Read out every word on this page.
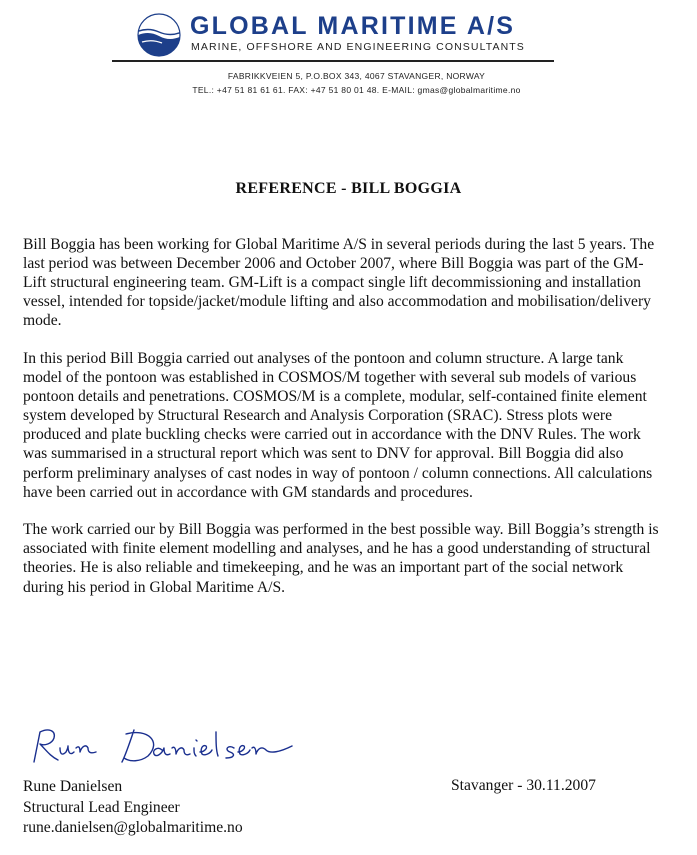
GLOBAL MARITIME A/S
MARINE, OFFSHORE AND ENGINEERING CONSULTANTS
FABRIKKVEIEN 5, P.O.BOX 343, 4067 STAVANGER, NORWAY
TEL.: +47 51 81 61 61. FAX: +47 51 80 01 48. E-MAIL: gmas@globalmaritime.no
REFERENCE - BILL BOGGIA

Bill Boggia has been working for Global Maritime A/S in several periods during the last 5 years. The last period was between December 2006 and October 2007, where Bill Boggia was part of the GM-Lift structural engineering team. GM-Lift is a compact single lift decommissioning and installation vessel, intended for topside/jacket/module lifting and also accommodation and mobilisation/delivery mode.

In this period Bill Boggia carried out analyses of the pontoon and column structure. A large tank model of the pontoon was established in COSMOS/M together with several sub models of various pontoon details and penetrations. COSMOS/M is a complete, modular, self-contained finite element system developed by Structural Research and Analysis Corporation (SRAC). Stress plots were produced and plate buckling checks were carried out in accordance with the DNV Rules. The work was summarised in a structural report which was sent to DNV for approval. Bill Boggia did also perform preliminary analyses of cast nodes in way of pontoon / column connections. All calculations have been carried out in accordance with GM standards and procedures.

The work carried our by Bill Boggia was performed in the best possible way. Bill Boggia’s strength is associated with finite element modelling and analyses, and he has a good understanding of structural theories. He is also reliable and timekeeping, and he was an important part of the social network during his period in Global Maritime A/S.

Rune Danielsen
Structural Lead Engineer
rune.danielsen@globalmaritime.no
Stavanger - 30.11.2007
